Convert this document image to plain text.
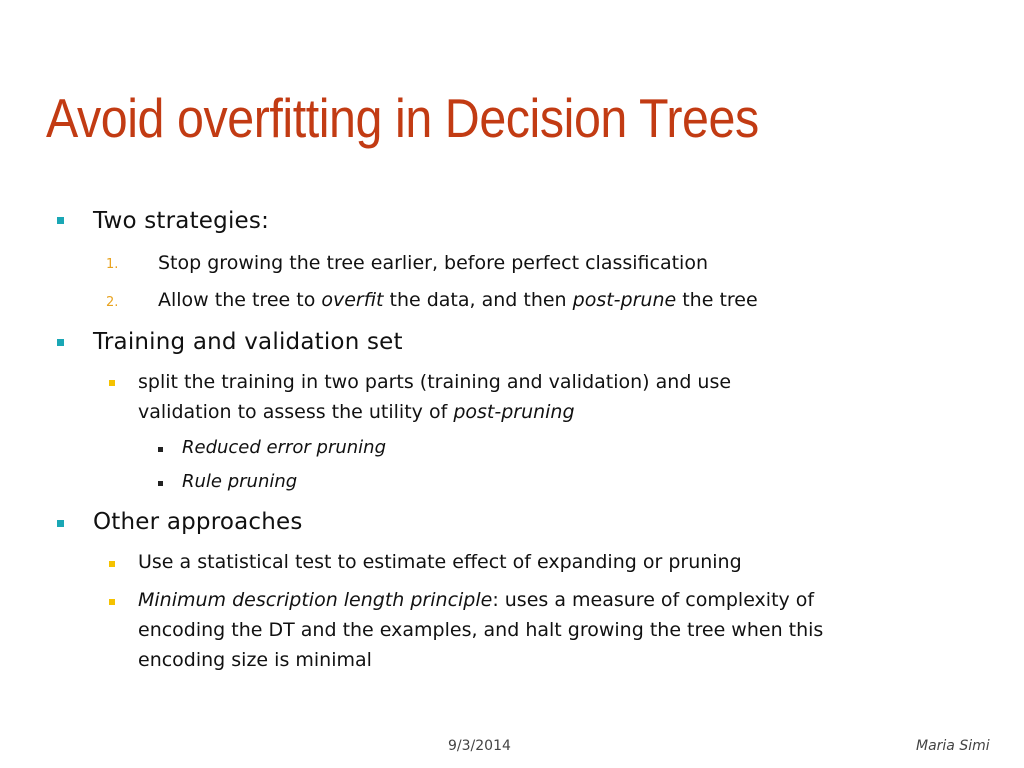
Avoid overfitting in Decision Trees
Two strategies:
1. Stop growing the tree earlier, before perfect classification
2. Allow the tree to overfit the data, and then post-prune the tree
Training and validation set
split the training in two parts (training and validation) and use
validation to assess the utility of post-pruning
Reduced error pruning
Rule pruning
Other approaches
Use a statistical test to estimate effect of expanding or pruning
Minimum description length principle: uses a measure of complexity of
encoding the DT and the examples, and halt growing the tree when this
encoding size is minimal
9/3/2014	Maria Simi
